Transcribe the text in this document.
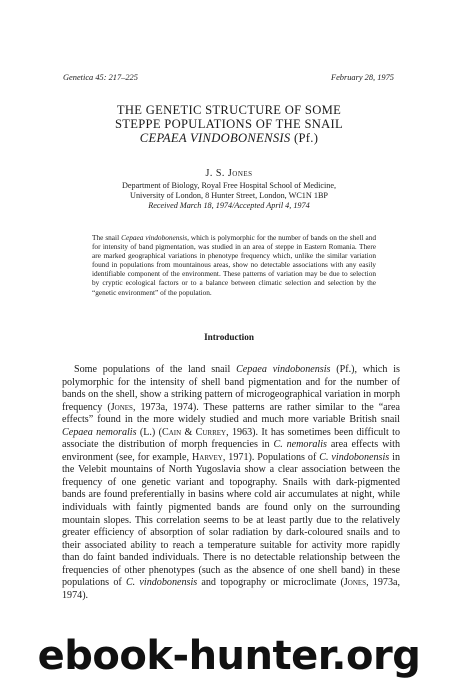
Genetica 45: 217–225	February 28, 1975
THE GENETIC STRUCTURE OF SOME
STEPPE POPULATIONS OF THE SNAIL
CEPAEA VINDOBONENSIS (Pf.)
J. S. Jones
Department of Biology, Royal Free Hospital School of Medicine,
University of London, 8 Hunter Street, London, WC1N 1BP
Received March 18, 1974/Accepted April 4, 1974
The snail Cepaea vindobonensis, which is polymorphic for the number of bands on the shell and for intensity of band pigmentation, was studied in an area of steppe in Eastern Romania. There are marked geographical variations in phenotype frequency which, unlike the similar variation found in populations from mountainous areas, show no detectable associations with any easily identifiable component of the environment. These patterns of variation may be due to selection by cryptic ecological factors or to a balance between climatic selection and selection by the “genetic environment” of the population.
Introduction

Some populations of the land snail Cepaea vindobonensis (Pf.), which is polymorphic for the intensity of shell band pigmentation and for the number of bands on the shell, show a striking pattern of microgeographical variation in morph frequency (Jones, 1973a, 1974). These patterns are rather similar to the “area effects” found in the more widely studied and much more variable British snail Cepaea nemoralis (L.) (Cain & Currey, 1963). It has sometimes been difficult to associate the distribution of morph frequencies in C. nemoralis area effects with environment (see, for example, Harvey, 1971). Populations of C. vindobonensis in the Velebit mountains of North Yugoslavia show a clear association between the frequency of one genetic variant and topography. Snails with dark-pigmented bands are found preferentially in basins where cold air accumulates at night, while individuals with faintly pigmented bands are found only on the surrounding mountain slopes. This correlation seems to be at least partly due to the relatively greater efficiency of absorption of solar radiation by dark-coloured snails and to their associated ability to reach a temperature suitable for activity more rapidly than do faint banded individuals. There is no detectable relationship between the frequencies of other phenotypes (such as the absence of one shell band) in these populations of C. vindobonensis and topography or microclimate (Jones, 1973a, 1974).

ebook-hunter.org
